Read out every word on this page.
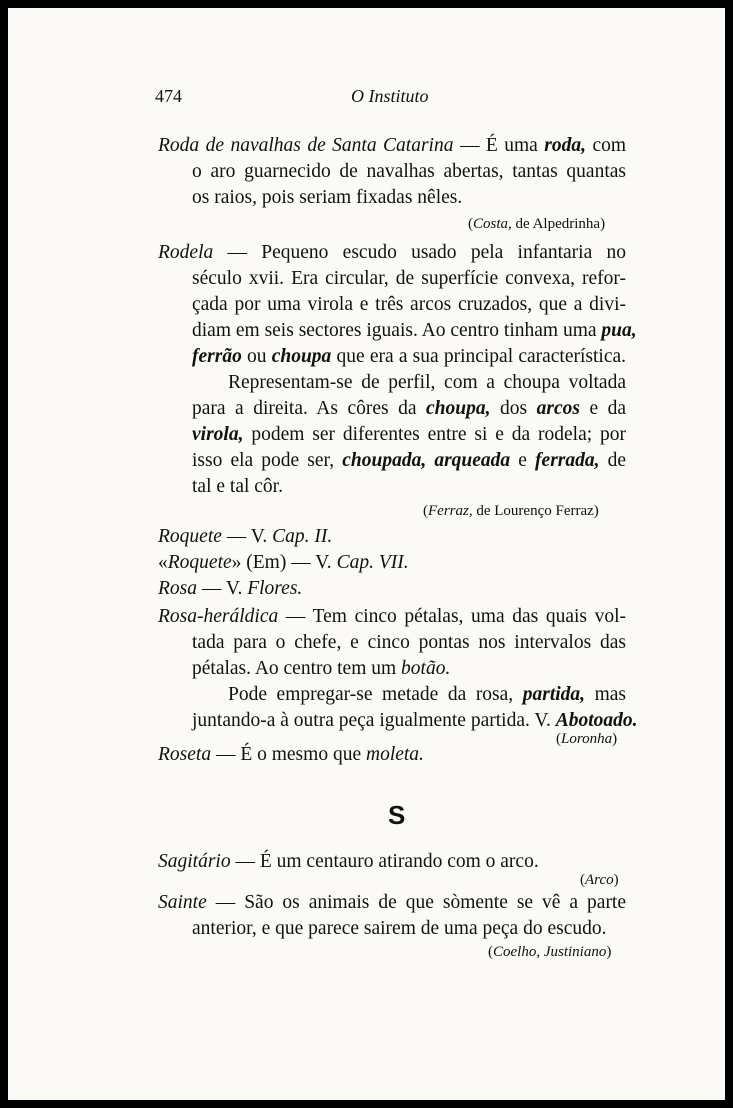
474	O Instituto
Roda de navalhas de Santa Catarina — É uma roda, com
o aro guarnecido de navalhas abertas, tantas quantas
os raios, pois seriam fixadas nêles.
(Costa, de Alpedrinha)
Rodela — Pequeno escudo usado pela infantaria no
século xvii. Era circular, de superfície convexa, refor-
çada por uma virola e três arcos cruzados, que a divi-
diam em seis sectores iguais. Ao centro tinham uma pua,
ferrão ou choupa que era a sua principal característica.
Representam-se de perfil, com a choupa voltada
para a direita. As côres da choupa, dos arcos e da
virola, podem ser diferentes entre si e da rodela; por
isso ela pode ser, choupada, arqueada e ferrada, de
tal e tal côr.
(Ferraz, de Lourenço Ferraz)
Roquete — V. Cap. II.
«Roquete» (Em) — V. Cap. VII.
Rosa — V. Flores.
Rosa-heráldica — Tem cinco pétalas, uma das quais vol-
tada para o chefe, e cinco pontas nos intervalos das
pétalas. Ao centro tem um botão.
Pode empregar-se metade da rosa, partida, mas
juntando-a à outra peça igualmente partida. V. Abotoado.
(Loronha)
Roseta — É o mesmo que moleta.
S
Sagitário — É um centauro atirando com o arco.
(Arco)
Sainte — São os animais de que sòmente se vê a parte
anterior, e que parece sairem de uma peça do escudo.
(Coelho, Justiniano)
